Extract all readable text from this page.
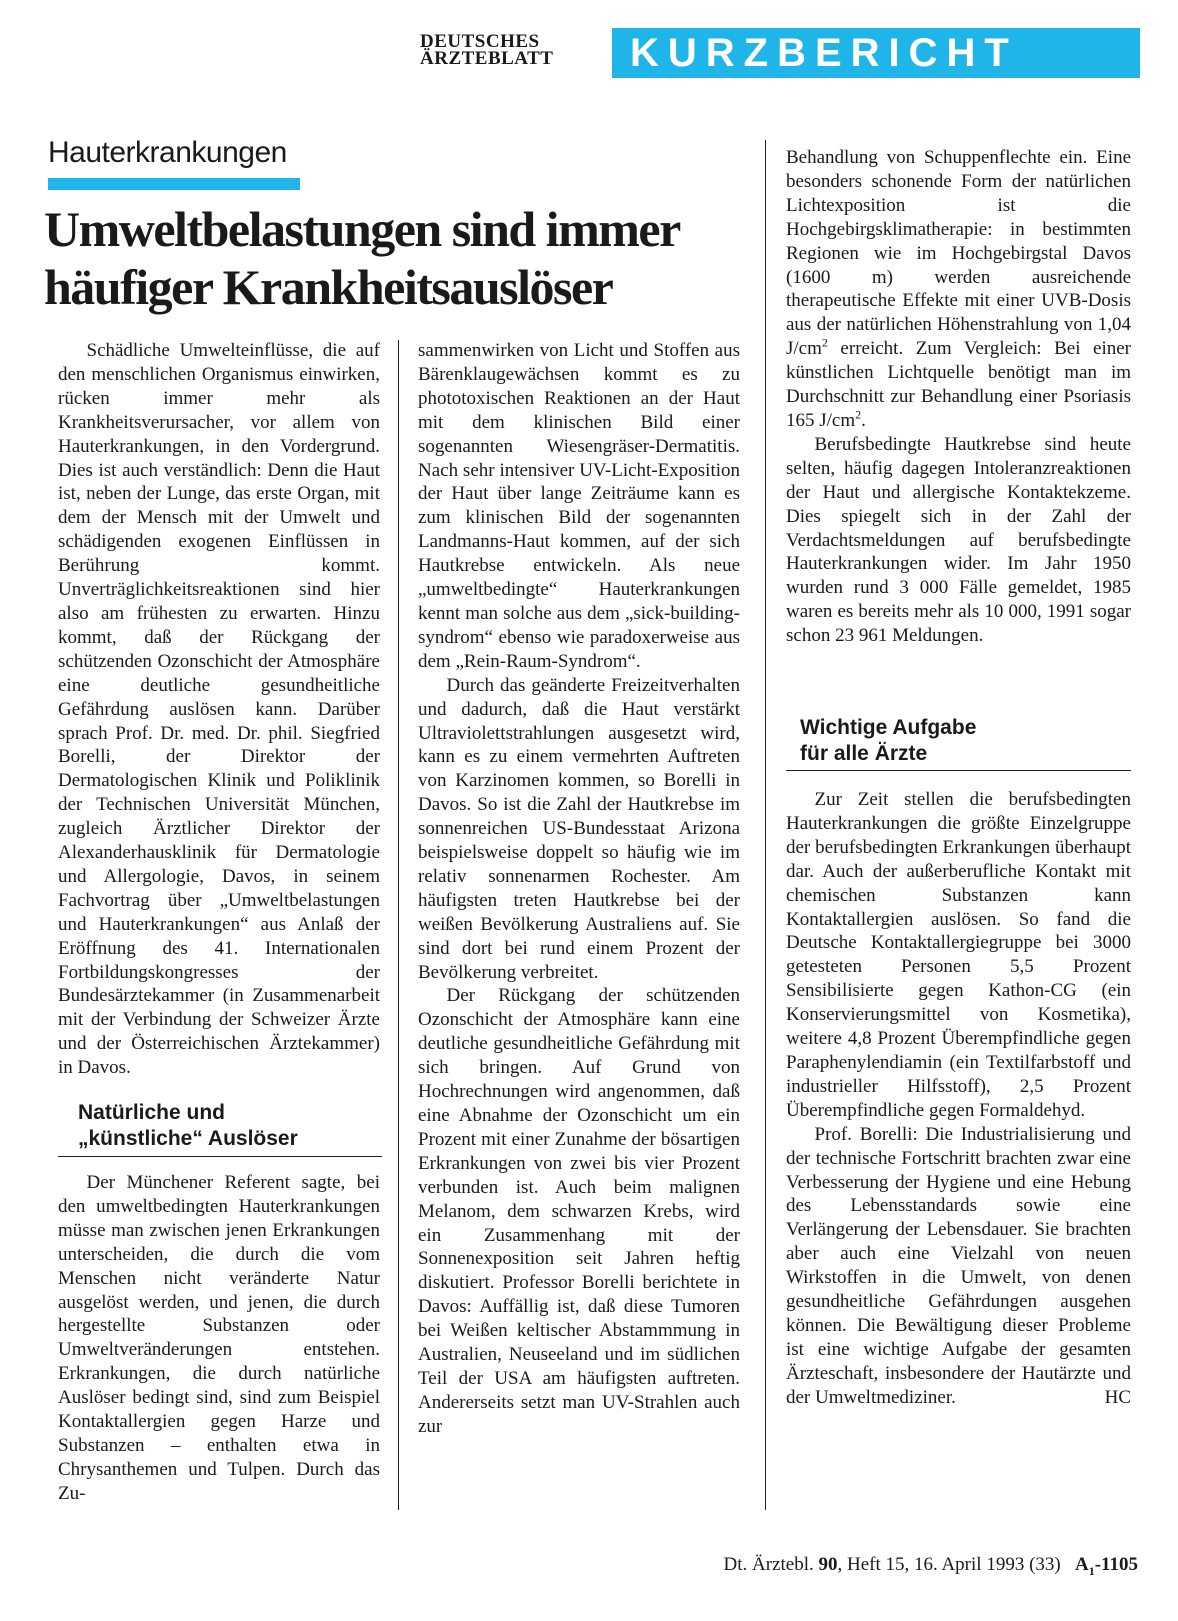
DEUTSCHES
ÄRZTEBLATT	KURZBERICHT
Hauterkrankungen
Umweltbelastungen sind immer
häufiger Krankheitsauslöser

Schädliche Umwelteinflüsse, die auf den menschlichen Organismus einwirken, rücken immer mehr als Krankheitsverursacher, vor allem von Hauterkrankungen, in den Vordergrund. Dies ist auch verständlich: Denn die Haut ist, neben der Lunge, das erste Organ, mit dem der Mensch mit der Umwelt und schädigenden exogenen Einflüssen in Berührung kommt. Unverträglichkeitsreaktionen sind hier also am frühesten zu erwarten. Hinzu kommt, daß der Rückgang der schützenden Ozonschicht der Atmosphäre eine deutliche gesundheitliche Gefährdung auslösen kann. Darüber sprach Prof. Dr. med. Dr. phil. Siegfried Borelli, der Direktor der Dermatologischen Klinik und Poliklinik der Technischen Universität München, zugleich Ärztlicher Direktor der Alexanderhausklinik für Dermatologie und Allergologie, Davos, in seinem Fachvortrag über „Umweltbelastungen und Hauterkrankungen“ aus Anlaß der Eröffnung des 41. Internationalen Fortbildungskongresses der Bundesärztekammer (in Zusammenarbeit mit der Verbindung der Schweizer Ärzte und der Österreichischen Ärztekammer) in Davos.

Natürliche und

„künstliche“ Auslöser

Der Münchener Referent sagte, bei den umweltbedingten Hauterkrankungen müsse man zwischen jenen Erkrankungen unterscheiden, die durch die vom Menschen nicht veränderte Natur ausgelöst werden, und jenen, die durch hergestellte Substanzen oder Umweltveränderungen entstehen. Erkrankungen, die durch natürliche Auslöser bedingt sind, sind zum Beispiel Kontaktallergien gegen Harze und Substanzen – enthalten etwa in Chrysanthemen und Tulpen. Durch das Zu-

sammenwirken von Licht und Stoffen aus Bärenklaugewächsen kommt es zu phototoxischen Reaktionen an der Haut mit dem klinischen Bild einer sogenannten Wiesengräser-Dermatitis. Nach sehr intensiver UV-Licht-Exposition der Haut über lange Zeiträume kann es zum klinischen Bild der sogenannten Landmanns-Haut kommen, auf der sich Hautkrebse entwickeln. Als neue „umweltbedingte“ Hauterkrankungen kennt man solche aus dem „sick-building-syndrom“ ebenso wie paradoxerweise aus dem „Rein-Raum-Syndrom“.

Durch das geänderte Freizeitverhalten und dadurch, daß die Haut verstärkt Ultraviolettstrahlungen ausgesetzt wird, kann es zu einem vermehrten Auftreten von Karzinomen kommen, so Borelli in Davos. So ist die Zahl der Hautkrebse im sonnenreichen US-Bundesstaat Arizona beispielsweise doppelt so häufig wie im relativ sonnenarmen Rochester. Am häufigsten treten Hautkrebse bei der weißen Bevölkerung Australiens auf. Sie sind dort bei rund einem Prozent der Bevölkerung verbreitet.

Der Rückgang der schützenden Ozonschicht der Atmosphäre kann eine deutliche gesundheitliche Gefährdung mit sich bringen. Auf Grund von Hochrechnungen wird angenommen, daß eine Abnahme der Ozonschicht um ein Prozent mit einer Zunahme der bösartigen Erkrankungen von zwei bis vier Prozent verbunden ist. Auch beim malignen Melanom, dem schwarzen Krebs, wird ein Zusammenhang mit der Sonnenexposition seit Jahren heftig diskutiert. Professor Borelli berichtete in Davos: Auffällig ist, daß diese Tumoren bei Weißen keltischer Abstammmung in Australien, Neuseeland und im südlichen Teil der USA am häufigsten auftreten. Andererseits setzt man UV-Strahlen auch zur

Behandlung von Schuppenflechte ein. Eine besonders schonende Form der natürlichen Lichtexposition ist die Hochgebirgsklimatherapie: in bestimmten Regionen wie im Hochgebirgstal Davos (1600 m) werden ausreichende therapeutische Effekte mit einer UVB-Dosis aus der natürlichen Höhenstrahlung von 1,04 $J/cm^2$ erreicht. Zum Vergleich: Bei einer künstlichen Lichtquelle benötigt man im Durchschnitt zur Behandlung einer Psoriasis 165 $J/cm^2$.

Berufsbedingte Hautkrebse sind heute selten, häufig dagegen Intoleranzreaktionen der Haut und allergische Kontaktekzeme. Dies spiegelt sich in der Zahl der Verdachtsmeldungen auf berufsbedingte Hauterkrankungen wider. Im Jahr 1950 wurden rund 3 000 Fälle gemeldet, 1985 waren es bereits mehr als 10 000, 1991 sogar schon 23 961 Meldungen.

Wichtige Aufgabe

für alle Ärzte

Zur Zeit stellen die berufsbedingten Hauterkrankungen die größte Einzelgruppe der berufsbedingten Erkrankungen überhaupt dar. Auch der außerberufliche Kontakt mit chemischen Substanzen kann Kontaktallergien auslösen. So fand die Deutsche Kontaktallergiegruppe bei 3000 getesteten Personen 5,5 Prozent Sensibilisierte gegen Kathon-CG (ein Konservierungsmittel von Kosmetika), weitere 4,8 Prozent Überempfindliche gegen Paraphenylendiamin (ein Textilfarbstoff und industrieller Hilfsstoff), 2,5 Prozent Überempfindliche gegen Formaldehyd.

Prof. Borelli: Die Industrialisierung und der technische Fortschritt brachten zwar eine Verbesserung der Hygiene und eine Hebung des Lebensstandards sowie eine Verlängerung der Lebensdauer. Sie brachten aber auch eine Vielzahl von neuen Wirkstoffen in die Umwelt, von denen gesundheitliche Gefährdungen ausgehen können. Die Bewältigung dieser Probleme ist eine wichtige Aufgabe der gesamten Ärzteschaft, insbesondere der Hautärzte und der Umweltmediziner.	HC

Dt. Ärztebl. 90, Heft 15, 16. April 1993 (33) $A_1-1105$
